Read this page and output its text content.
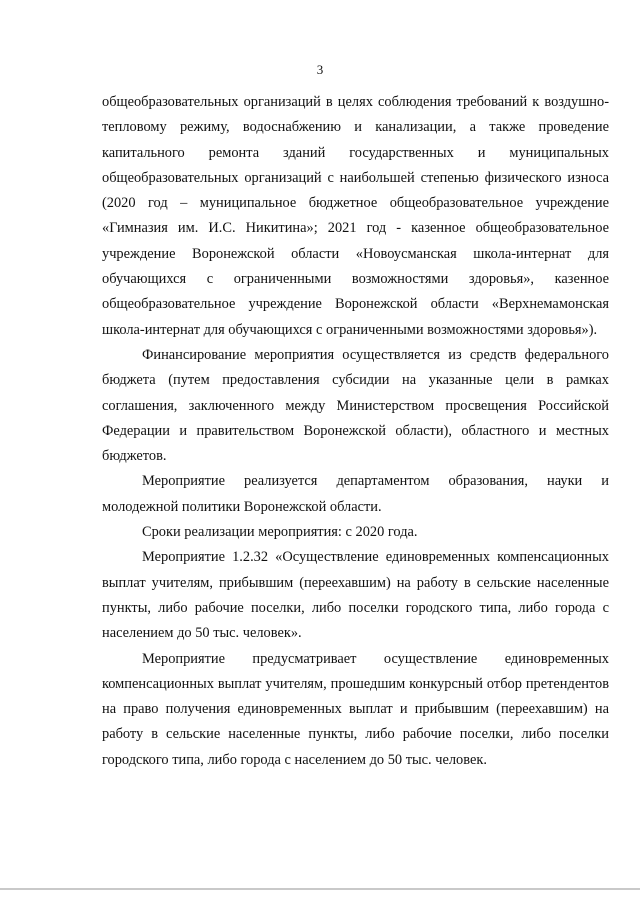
3

общеобразовательных организаций в целях соблюдения требований к воздушно-тепловому режиму, водоснабжению и канализации, а также проведение капитального ремонта зданий государственных и муниципальных общеобразовательных организаций с наибольшей степенью физического износа (2020 год – муниципальное бюджетное общеобразовательное учреждение «Гимназия им. И.С. Никитина»; 2021 год - казенное общеобразовательное учреждение Воронежской области «Новоусманская школа-интернат для обучающихся с ограниченными возможностями здоровья», казенное общеобразовательное учреждение Воронежской области «Верхнемамонская школа-интернат для обучающихся с ограниченными возможностями здоровья»).

Финансирование мероприятия осуществляется из средств федерального бюджета (путем предоставления субсидии на указанные цели в рамках соглашения, заключенного между Министерством просвещения Российской Федерации и правительством Воронежской области), областного и местных бюджетов.

Мероприятие реализуется департаментом образования, науки и молодежной политики Воронежской области.

Сроки реализации мероприятия: с 2020 года.

Мероприятие 1.2.32 «Осуществление единовременных компенсационных выплат учителям, прибывшим (переехавшим) на работу в сельские населенные пункты, либо рабочие поселки, либо поселки городского типа, либо города с населением до 50 тыс. человек».

Мероприятие предусматривает осуществление единовременных компенсационных выплат учителям, прошедшим конкурсный отбор претендентов на право получения единовременных выплат и прибывшим (переехавшим) на работу в сельские населенные пункты, либо рабочие поселки, либо поселки городского типа, либо города с населением до 50 тыс. человек.
